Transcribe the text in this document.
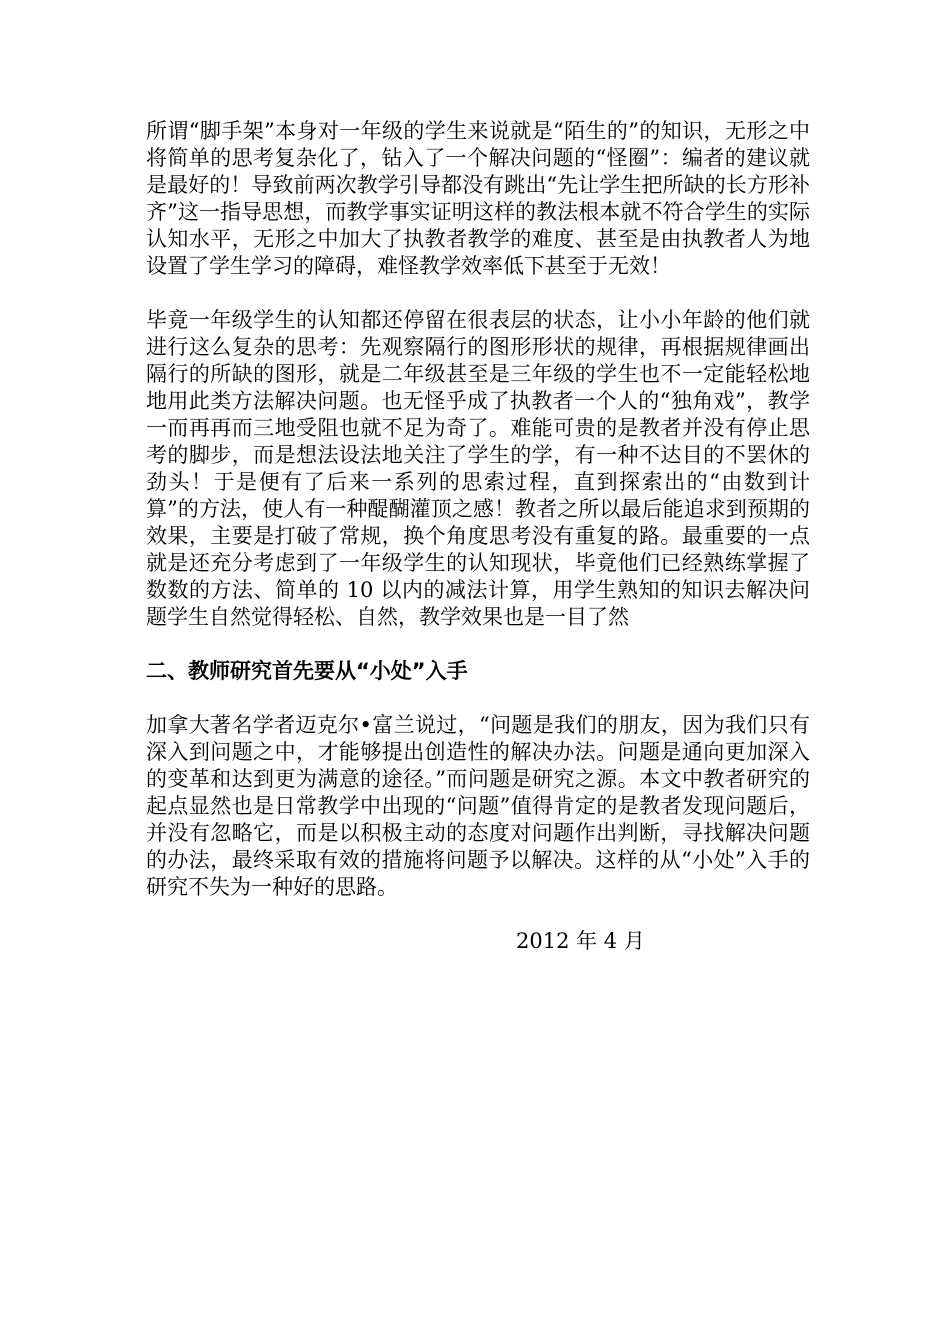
所谓“脚手架”本身对一年级的学生来说就是“陌生的”的知识，无形之中将简单的思考复杂化了，钻入了一个解决问题的“怪圈”：编者的建议就是最好的！导致前两次教学引导都没有跳出“先让学生把所缺的长方形补齐”这一指导思想，而教学事实证明这样的教法根本就不符合学生的实际认知水平，无形之中加大了执教者教学的难度、甚至是由执教者人为地设置了学生学习的障碍，难怪教学效率低下甚至于无效！

毕竟一年级学生的认知都还停留在很表层的状态，让小小年龄的他们就进行这么复杂的思考：先观察隔行的图形形状的规律，再根据规律画出隔行的所缺的图形，就是二年级甚至是三年级的学生也不一定能轻松地地用此类方法解决问题。也无怪乎成了执教者一个人的“独角戏”，教学一而再再而三地受阻也就不足为奇了。难能可贵的是教者并没有停止思考的脚步，而是想法设法地关注了学生的学，有一种不达目的不罢休的劲头！于是便有了后来一系列的思索过程，直到探索出的“由数到计算”的方法，使人有一种醍醐灌顶之感！教者之所以最后能追求到预期的效果，主要是打破了常规，换个角度思考没有重复的路。最重要的一点就是还充分考虑到了一年级学生的认知现状，毕竟他们已经熟练掌握了数数的方法、简单的 10 以内的减法计算，用学生熟知的知识去解决问题学生自然觉得轻松、自然，教学效果也是一目了然

二、教师研究首先要从“小处”入手

加拿大著名学者迈克尔•富兰说过，“问题是我们的朋友，因为我们只有深入到问题之中，才能够提出创造性的解决办法。问题是通向更加深入的变革和达到更为满意的途径。”而问题是研究之源。本文中教者研究的起点显然也是日常教学中出现的“问题”值得肯定的是教者发现问题后，并没有忽略它，而是以积极主动的态度对问题作出判断，寻找解决问题的办法，最终采取有效的措施将问题予以解决。这样的从“小处”入手的研究不失为一种好的思路。

2012 年 4 月
